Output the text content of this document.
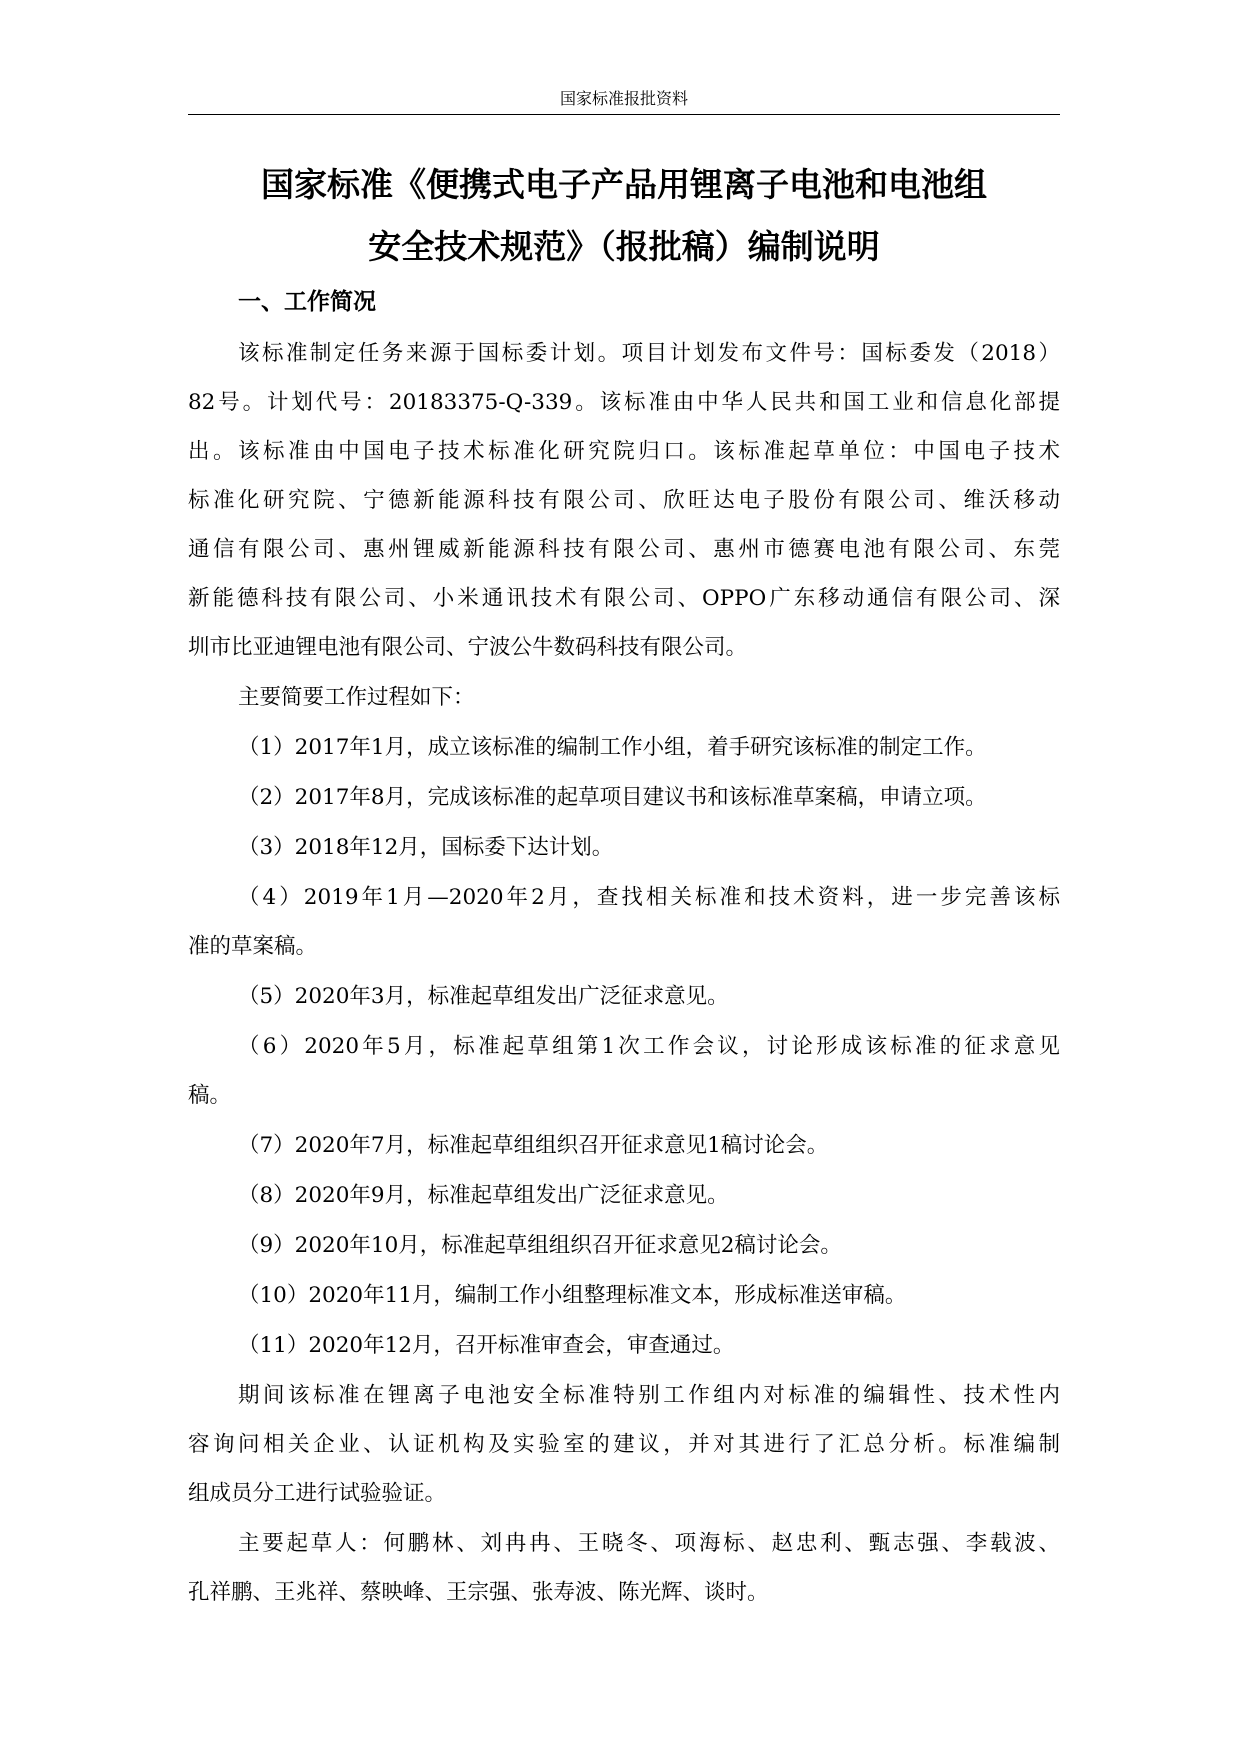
国家标准报批资料
国家标准《便携式电子产品用锂离子电池和电池组
安全技术规范》（报批稿）编制说明
一、工作简况
该标准制定任务来源于国标委计划。项目计划发布文件号：国标委发（2018）
82号。计划代号：20183375-Q-339。该标准由中华人民共和国工业和信息化部提
出。该标准由中国电子技术标准化研究院归口。该标准起草单位：中国电子技术
标准化研究院、宁德新能源科技有限公司、欣旺达电子股份有限公司、维沃移动
通信有限公司、惠州锂威新能源科技有限公司、惠州市德赛电池有限公司、东莞
新能德科技有限公司、小米通讯技术有限公司、OPPO广东移动通信有限公司、深
圳市比亚迪锂电池有限公司、宁波公牛数码科技有限公司。
主要简要工作过程如下：
（1）2017年1月，成立该标准的编制工作小组，着手研究该标准的制定工作。
（2）2017年8月，完成该标准的起草项目建议书和该标准草案稿，申请立项。
（3）2018年12月，国标委下达计划。
（4）2019年1月—2020年2月，查找相关标准和技术资料，进一步完善该标
准的草案稿。
（5）2020年3月，标准起草组发出广泛征求意见。
（6）2020年5月，标准起草组第1次工作会议，讨论形成该标准的征求意见
稿。
（7）2020年7月，标准起草组组织召开征求意见1稿讨论会。
（8）2020年9月，标准起草组发出广泛征求意见。
（9）2020年10月，标准起草组组织召开征求意见2稿讨论会。
（10）2020年11月，编制工作小组整理标准文本，形成标准送审稿。
（11）2020年12月，召开标准审查会，审查通过。
期间该标准在锂离子电池安全标准特别工作组内对标准的编辑性、技术性内
容询问相关企业、认证机构及实验室的建议，并对其进行了汇总分析。标准编制
组成员分工进行试验验证。
主要起草人：何鹏林、刘冉冉、王晓冬、项海标、赵忠利、甄志强、李载波、
孔祥鹏、王兆祥、蔡映峰、王宗强、张寿波、陈光辉、谈时。
